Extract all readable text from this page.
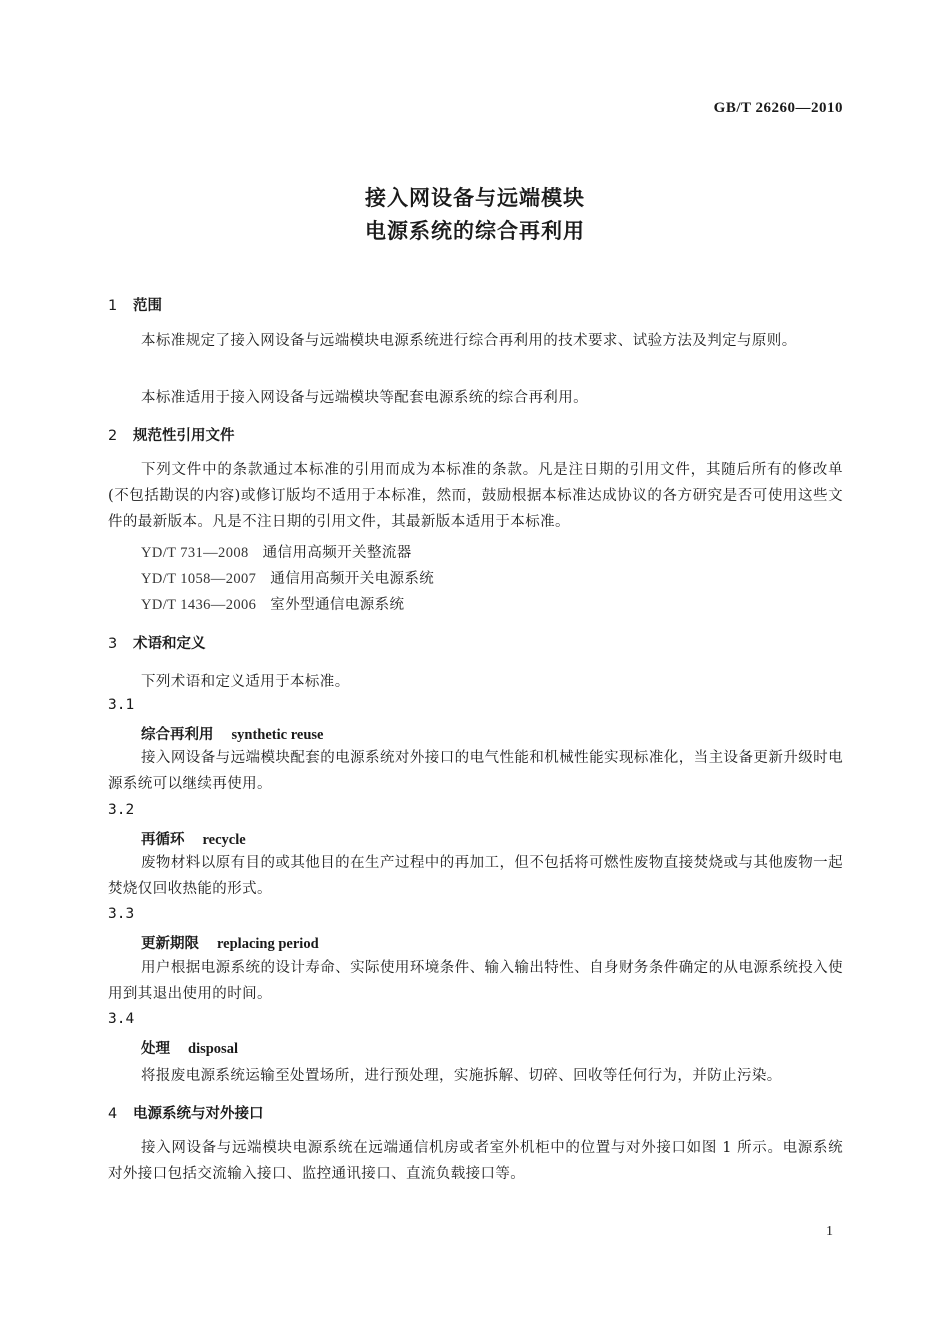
GB/T 26260—2010
接入网设备与远端模块
电源系统的综合再利用
1 范围
本标准规定了接入网设备与远端模块电源系统进行综合再利用的技术要求、试验方法及判定与原则。
本标准适用于接入网设备与远端模块等配套电源系统的综合再利用。
2 规范性引用文件
下列文件中的条款通过本标准的引用而成为本标准的条款。凡是注日期的引用文件，其随后所有的修改单(不包括勘误的内容)或修订版均不适用于本标准，然而，鼓励根据本标准达成协议的各方研究是否可使用这些文件的最新版本。凡是不注日期的引用文件，其最新版本适用于本标准。
YD/T 731—2008 通信用高频开关整流器
YD/T 1058—2007 通信用高频开关电源系统
YD/T 1436—2006 室外型通信电源系统
3 术语和定义
下列术语和定义适用于本标准。
3.1
综合再利用 synthetic reuse
接入网设备与远端模块配套的电源系统对外接口的电气性能和机械性能实现标准化，当主设备更新升级时电源系统可以继续再使用。
3.2
再循环 recycle
废物材料以原有目的或其他目的在生产过程中的再加工，但不包括将可燃性废物直接焚烧或与其他废物一起焚烧仅回收热能的形式。
3.3
更新期限 replacing period
用户根据电源系统的设计寿命、实际使用环境条件、输入输出特性、自身财务条件确定的从电源系统投入使用到其退出使用的时间。
3.4
处理 disposal
将报废电源系统运输至处置场所，进行预处理，实施拆解、切碎、回收等任何行为，并防止污染。
4 电源系统与对外接口
接入网设备与远端模块电源系统在远端通信机房或者室外机柜中的位置与对外接口如图 1 所示。电源系统对外接口包括交流输入接口、监控通讯接口、直流负载接口等。
1
